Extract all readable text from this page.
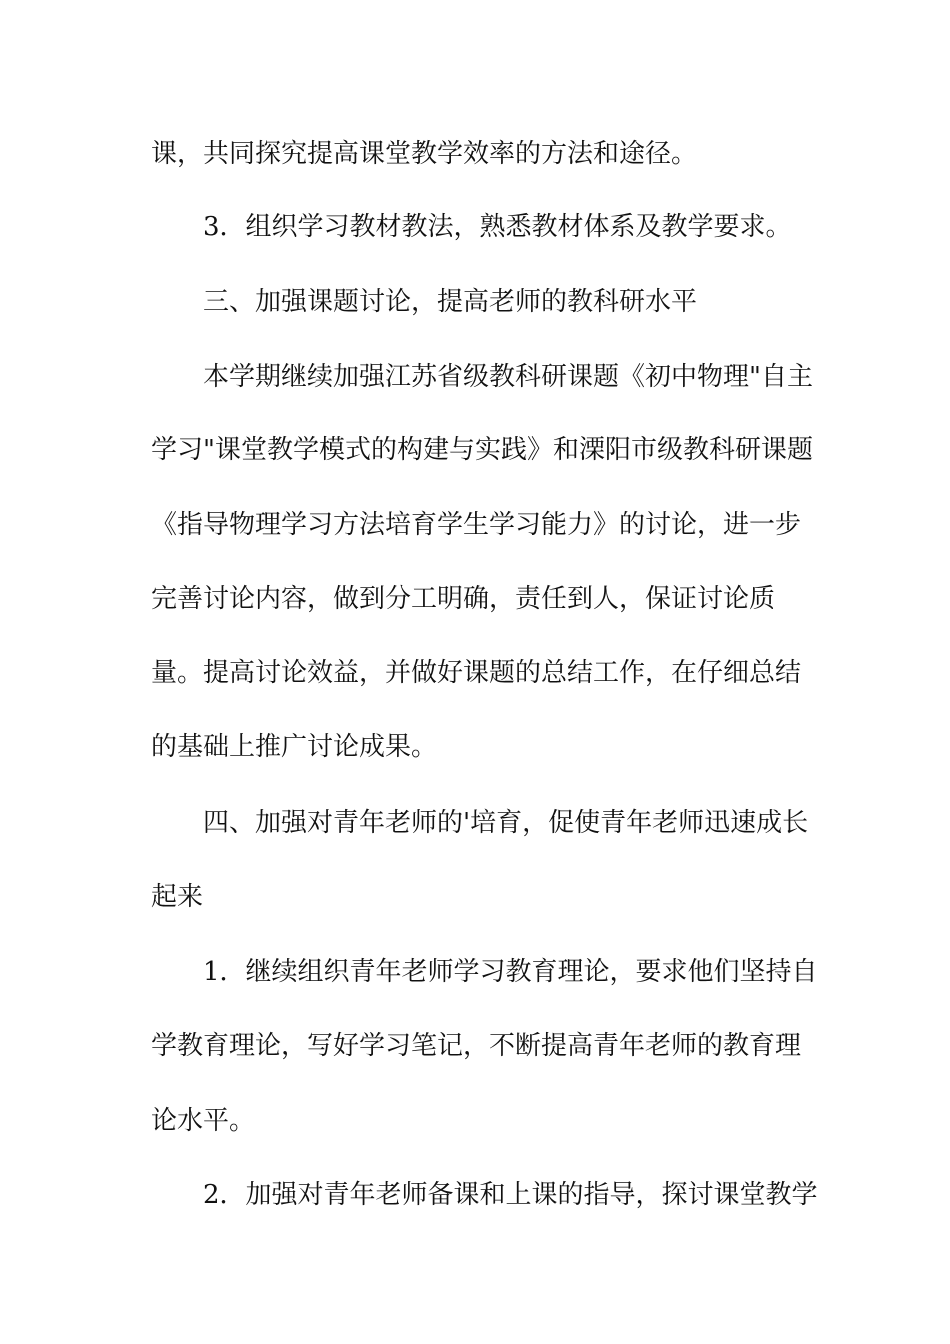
课，共同探究提高课堂教学效率的方法和途径。
3．组织学习教材教法，熟悉教材体系及教学要求。
三、加强课题讨论，提高老师的教科研水平
本学期继续加强江苏省级教科研课题《初中物理"自主
学习"课堂教学模式的构建与实践》和溧阳市级教科研课题
《指导物理学习方法培育学生学习能力》的讨论，进一步
完善讨论内容，做到分工明确，责任到人，保证讨论质
量。提高讨论效益，并做好课题的总结工作，在仔细总结
的基础上推广讨论成果。
四、加强对青年老师的'培育，促使青年老师迅速成长
起来
1．继续组织青年老师学习教育理论，要求他们坚持自
学教育理论，写好学习笔记，不断提高青年老师的教育理
论水平。
2．加强对青年老师备课和上课的指导，探讨课堂教学
